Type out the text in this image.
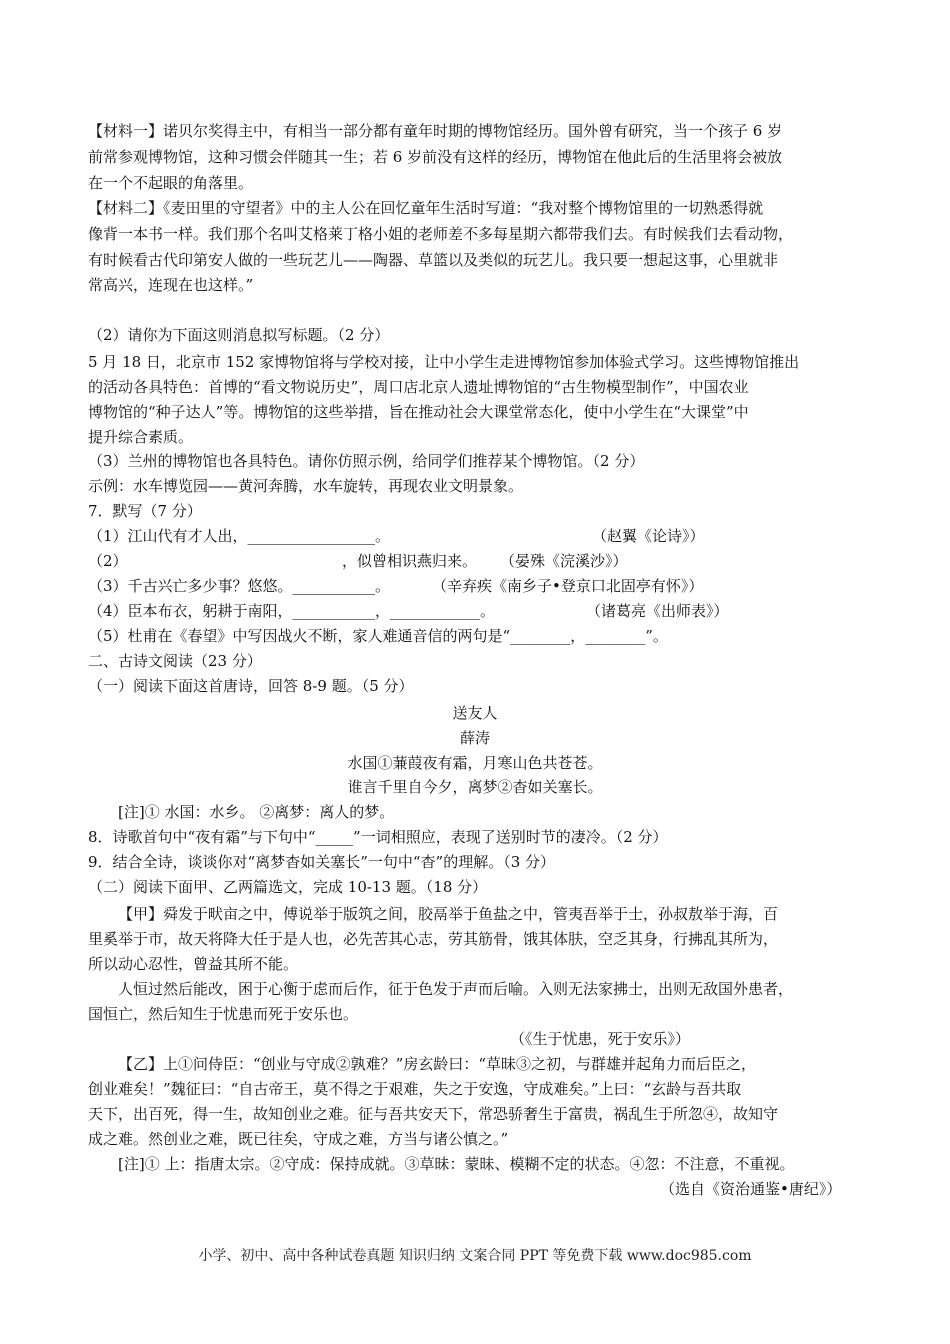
【材料一】诺贝尔奖得主中，有相当一部分都有童年时期的博物馆经历。国外曾有研究，当一个孩子 6 岁
前常参观博物馆，这种习惯会伴随其一生；若 6 岁前没有这样的经历，博物馆在他此后的生活里将会被放
在一个不起眼的角落里。
【材料二】《麦田里的守望者》中的主人公在回忆童年生活时写道：“我对整个博物馆里的一切熟悉得就
像背一本书一样。我们那个名叫艾格莱丁格小姐的老师差不多每星期六都带我们去。有时候我们去看动物，
有时候看古代印第安人做的一些玩艺儿——陶器、草篮以及类似的玩艺儿。我只要一想起这事，心里就非
常高兴，连现在也这样。”
（2）请你为下面这则消息拟写标题。（2 分）
5 月 18 日，北京市 152 家博物馆将与学校对接，让中小学生走进博物馆参加体验式学习。这些博物馆推出
的活动各具特色：首博的“看文物说历史”，周口店北京人遗址博物馆的“古生物模型制作”，中国农业
博物馆的“种子达人”等。博物馆的这些举措，旨在推动社会大课堂常态化，使中小学生在“大课堂”中
提升综合素质。
（3）兰州的博物馆也各具特色。请你仿照示例，给同学们推荐某个博物馆。（2 分）
示例：水车博览园——黄河奔腾，水车旋转，再现农业文明景象。
7．默写（7 分）
（1）江山代有才人出，_________________。	（赵翼《论诗》）
（2）	，似曾相识燕归来。 （晏殊《浣溪沙》）
（3）千古兴亡多少事？悠悠。___________。	（辛弃疾《南乡子•登京口北固亭有怀》）
（4）臣本布衣，躬耕于南阳，___________，____________。	（诸葛亮《出师表》）
（5）杜甫在《春望》中写因战火不断，家人难通音信的两句是“________，________”。
二、古诗文阅读（23 分）
（一）阅读下面这首唐诗，回答 8-9 题。（5 分）
送友人
薛涛
水国①蒹葭夜有霜，月寒山色共苍苍。
谁言千里自今夕，离梦②杳如关塞长。
[注]① 水国：水乡。 ②离梦：离人的梦。
8．诗歌首句中“夜有霜”与下句中“_____”一词相照应，表现了送别时节的凄冷。（2 分）
9．结合全诗，谈谈你对“离梦杳如关塞长”一句中“杳”的理解。（3 分）
（二）阅读下面甲、乙两篇选文，完成 10-13 题。（18 分）
【甲】舜发于畎亩之中，傅说举于版筑之间，胶鬲举于鱼盐之中，管夷吾举于士，孙叔敖举于海，百
里奚举于市，故天将降大任于是人也，必先苦其心志，劳其筋骨，饿其体肤，空乏其身，行拂乱其所为，
所以动心忍性，曾益其所不能。
人恒过然后能改，困于心衡于虑而后作，征于色发于声而后喻。入则无法家拂士，出则无敌国外患者，
国恒亡，然后知生于忧患而死于安乐也。
（《生于忧患，死于安乐》）
【乙】上①问侍臣：“创业与守成②孰难？”房玄龄曰：“草昧③之初，与群雄并起角力而后臣之，
创业难矣！”魏征曰：“自古帝王，莫不得之于艰难，失之于安逸，守成难矣。”上曰：“玄龄与吾共取
天下，出百死，得一生，故知创业之难。征与吾共安天下，常恐骄奢生于富贵，祸乱生于所忽④，故知守
成之难。然创业之难，既已往矣，守成之难，方当与诸公慎之。”
[注]① 上：指唐太宗。②守成：保持成就。③草昧：蒙昧、模糊不定的状态。④忽：不注意，不重视。
（选自《资治通鉴•唐纪》）
小学、初中、高中各种试卷真题 知识归纳 文案合同 PPT 等免费下载 www.doc985.com
